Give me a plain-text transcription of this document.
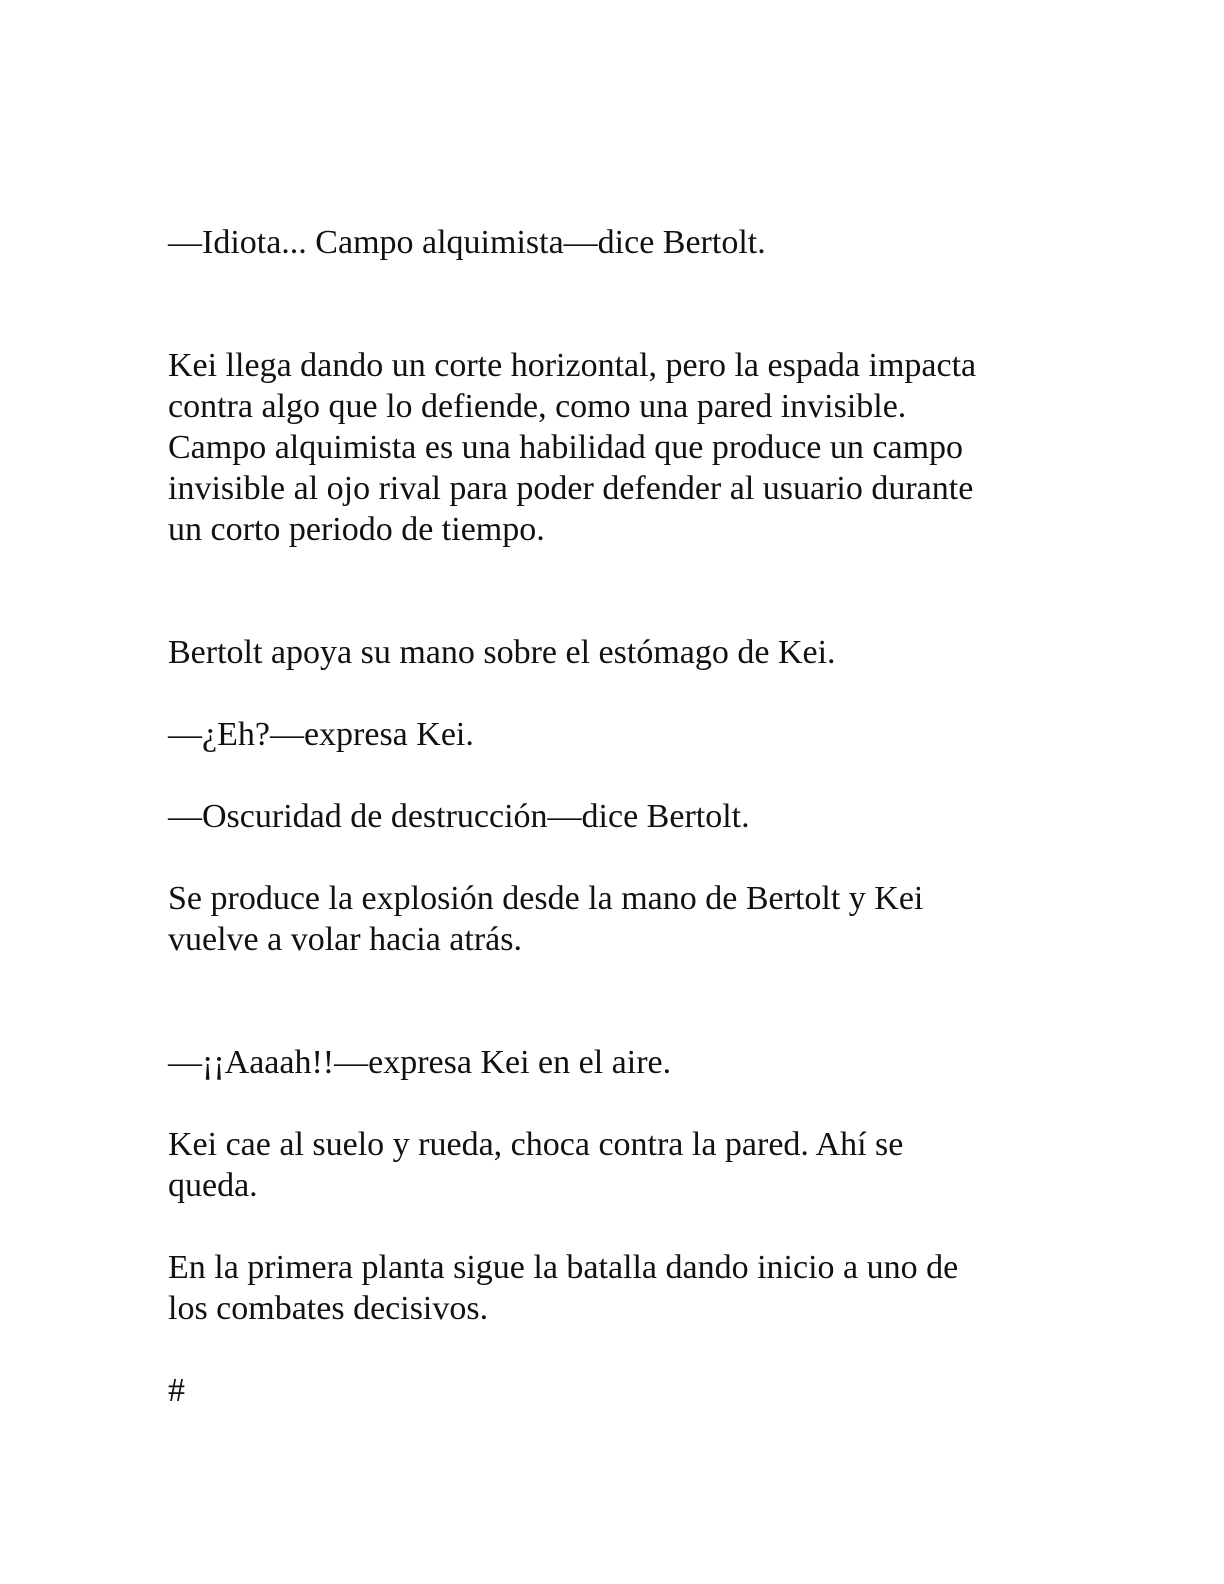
—Idiota... Campo alquimista—dice Bertolt.

Kei llega dando un corte horizontal, pero la espada impacta
contra algo que lo defiende, como una pared invisible.
Campo alquimista es una habilidad que produce un campo
invisible al ojo rival para poder defender al usuario durante
un corto periodo de tiempo.

Bertolt apoya su mano sobre el estómago de Kei.

—¿Eh?—expresa Kei.

—Oscuridad de destrucción—dice Bertolt.

Se produce la explosión desde la mano de Bertolt y Kei
vuelve a volar hacia atrás.

—¡¡Aaaah!!—expresa Kei en el aire.

Kei cae al suelo y rueda, choca contra la pared. Ahí se
queda.

En la primera planta sigue la batalla dando inicio a uno de
los combates decisivos.

#
